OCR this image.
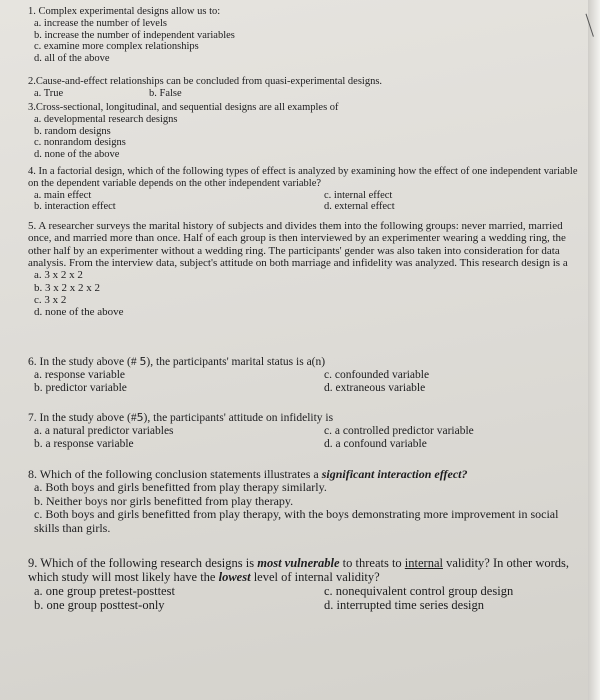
1. Complex experimental designs allow us to:
a. increase the number of levels
b. increase the number of independent variables
c. examine more complex relationships
d. all of the above
2.Cause-and-effect relationships can be concluded from quasi-experimental designs.
a. True	b. False
3.Cross-sectional, longitudinal, and sequential designs are all examples of
a. developmental research designs
b. random designs
c. nonrandom designs
d. none of the above
4. In a factorial design, which of the following types of effect is analyzed by examining how the effect of one independent variable on the dependent variable depends on the other independent variable?
a. main effect	c. internal effect
b. interaction effect	d. external effect
5. A researcher surveys the marital history of subjects and divides them into the following groups: never married, married once, and married more than once. Half of each group is then interviewed by an experimenter wearing a wedding ring, the other half by an experimenter without a wedding ring. The participants' gender was also taken into consideration for data analysis. From the interview data, subject's attitude on both marriage and infidelity was analyzed. This research design is a
a. 3 x 2 x 2
b. 3 x 2 x 2 x 2
c. 3 x 2
d. none of the above
6. In the study above (# 5), the participants' marital status is a(n)
a. response variable	c. confounded variable
b. predictor variable	d. extraneous variable
7. In the study above (#5), the participants' attitude on infidelity is
a. a natural predictor variables	c. a controlled predictor variable
b. a response variable	d. a confound variable
8. Which of the following conclusion statements illustrates a significant interaction effect?
a. Both boys and girls benefitted from play therapy similarly.
b. Neither boys nor girls benefitted from play therapy.
c. Both boys and girls benefitted from play therapy, with the boys demonstrating more improvement in social skills than girls.
9. Which of the following research designs is most vulnerable to threats to internal validity? In other words, which study will most likely have the lowest level of internal validity?
a. one group pretest-posttest	c. nonequivalent control group design
b. one group posttest-only	d. interrupted time series design
